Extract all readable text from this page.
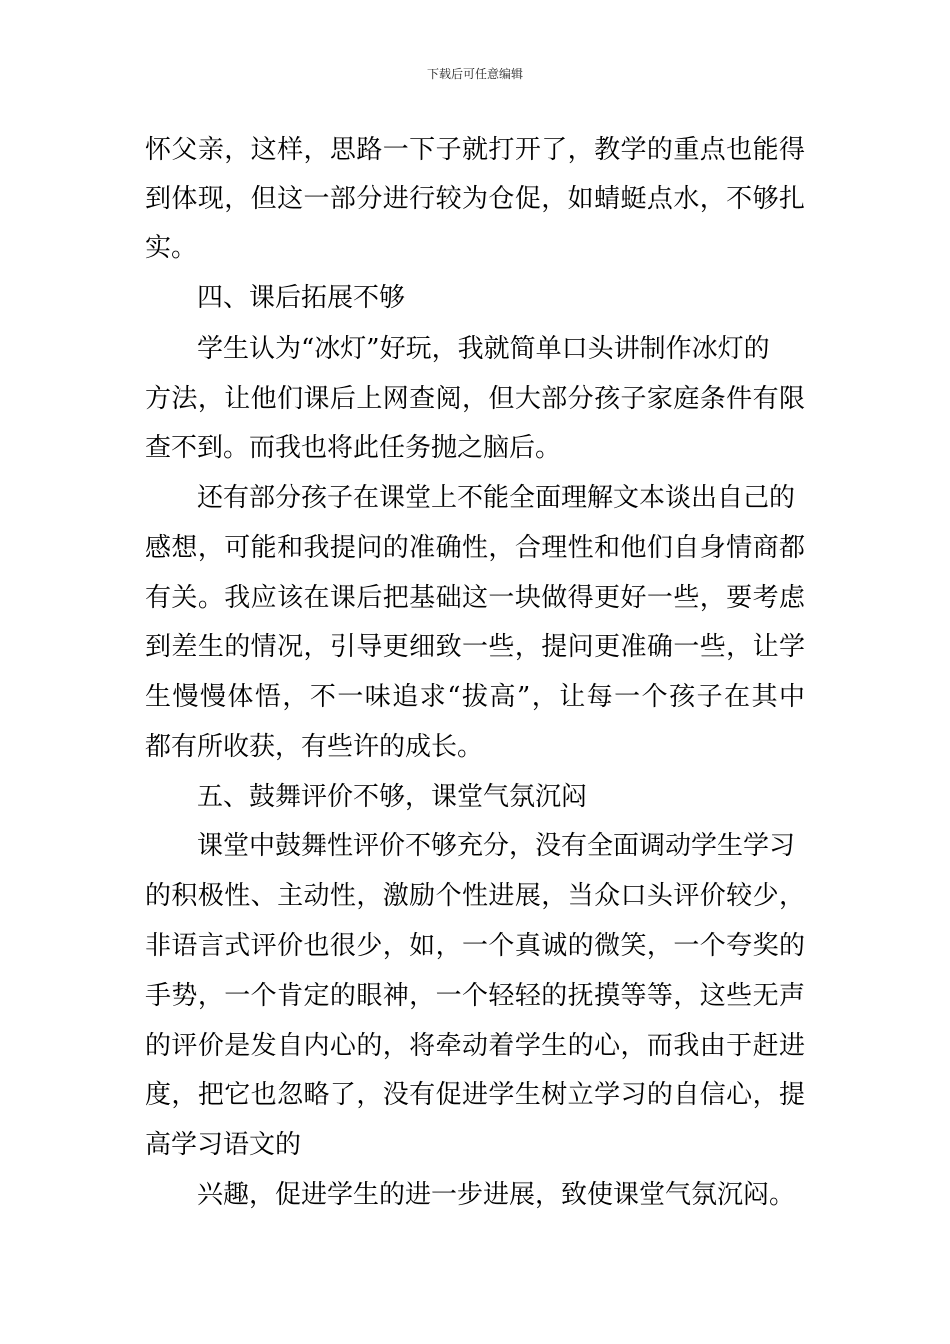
下载后可任意编辑
怀父亲，这样，思路一下子就打开了，教学的重点也能得
到体现，但这一部分进行较为仓促，如蜻蜓点水，不够扎
实。
四、课后拓展不够
学生认为“冰灯”好玩，我就简单口头讲制作冰灯的
方法，让他们课后上网查阅，但大部分孩子家庭条件有限
查不到。而我也将此任务抛之脑后。
还有部分孩子在课堂上不能全面理解文本谈出自己的
感想，可能和我提问的准确性，合理性和他们自身情商都
有关。我应该在课后把基础这一块做得更好一些，要考虑
到差生的情况，引导更细致一些，提问更准确一些，让学
生慢慢体悟，不一味追求“拔高”，让每一个孩子在其中
都有所收获，有些许的成长。
五、鼓舞评价不够，课堂气氛沉闷
课堂中鼓舞性评价不够充分，没有全面调动学生学习
的积极性、主动性，激励个性进展，当众口头评价较少，
非语言式评价也很少，如，一个真诚的微笑，一个夸奖的
手势，一个肯定的眼神，一个轻轻的抚摸等等，这些无声
的评价是发自内心的，将牵动着学生的心，而我由于赶进
度，把它也忽略了，没有促进学生树立学习的自信心，提
高学习语文的
兴趣，促进学生的进一步进展，致使课堂气氛沉闷。
